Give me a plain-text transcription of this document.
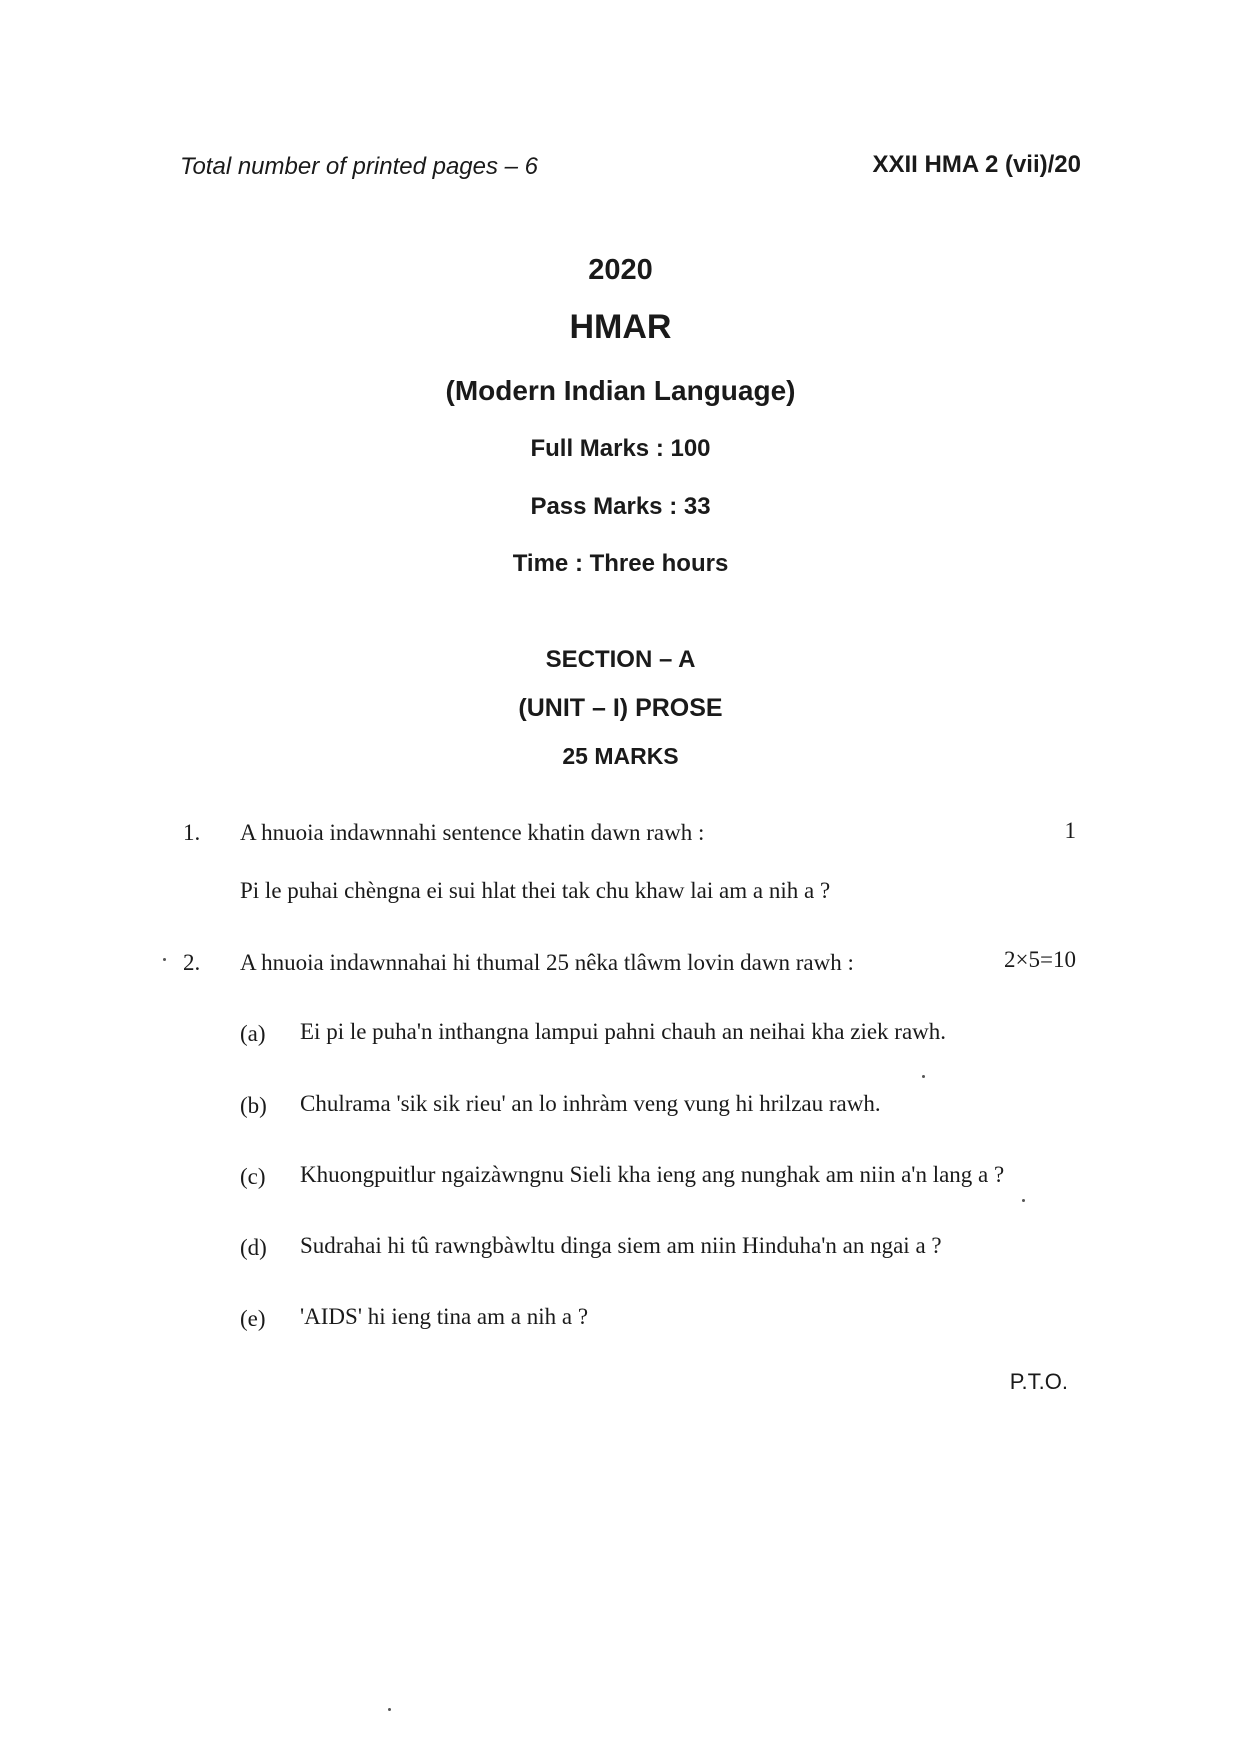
Total number of printed pages – 6	XXII HMA 2 (vii)/20
2020
HMAR
(Modern Indian Language)
Full Marks : 100
Pass Marks : 33
Time : Three hours
SECTION – A
(UNIT – I) PROSE
25 MARKS
1. A hnuoia indawnnahi sentence khatin dawn rawh :	1
Pi le puhai chèngna ei sui hlat thei tak chu khaw lai am a nih a ?
2. A hnuoia indawnnahai hi thumal 25 nêka tlâwm lovin dawn rawh :	2×5=10
(a) Ei pi le puha'n inthangna lampui pahni chauh an neihai kha ziek rawh.
(b) Chulrama 'sik sik rieu' an lo inhràm veng vung hi hrilzau rawh.
(c) Khuongpuitlur ngaizàwngnu Sieli kha ieng ang nunghak am niin a'n lang a ?
(d) Sudrahai hi tû rawngbàwltu dinga siem am niin Hinduha'n an ngai a ?
(e) 'AIDS' hi ieng tina am a nih a ?
P.T.O.
